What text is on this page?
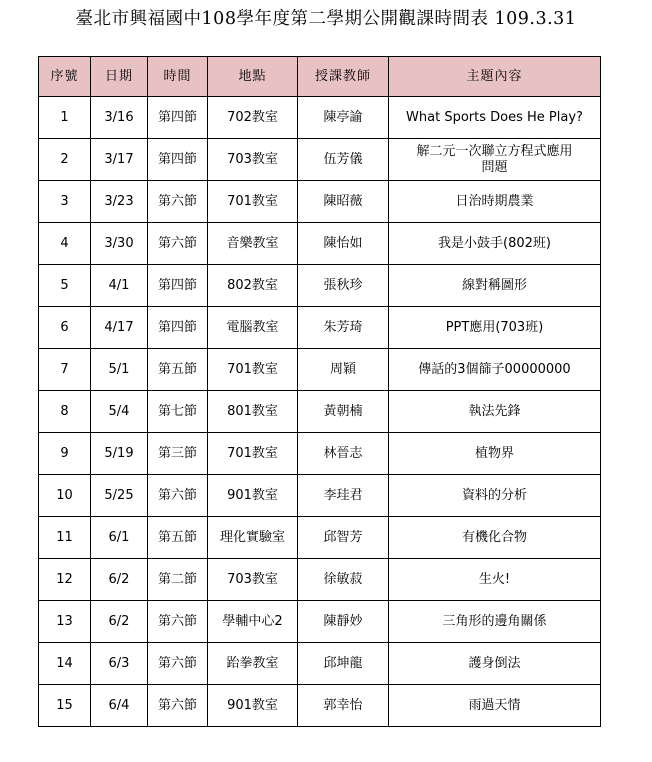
臺北市興福國中108學年度第二學期公開觀課時間表 109.3.31
序號	日期	時間	地點	授課教師	主題內容
1	3/16	第四節	702教室	陳亭諭	What Sports Does He Play?
2	3/17	第四節	703教室	伍芳儀	解二元一次聯立方程式應用問題
3	3/23	第六節	701教室	陳昭薇	日治時期農業
4	3/30	第六節	音樂教室	陳怡如	我是小鼓手(802班)
5	4/1	第四節	802教室	張秋珍	線對稱圖形
6	4/17	第四節	電腦教室	朱芳琦	PPT應用(703班)
7	5/1	第五節	701教室	周穎	傳話的3個篩子00000000
8	5/4	第七節	801教室	黃朝楠	執法先鋒
9	5/19	第三節	701教室	林晉志	植物界
10	5/25	第六節	901教室	李珪君	資料的分析
11	6/1	第五節	理化實驗室	邱智芳	有機化合物
12	6/2	第二節	703教室	徐敏菽	生火!
13	6/2	第六節	學輔中心2	陳靜妙	三角形的邊角關係
14	6/3	第六節	跆拳教室	邱坤龍	護身倒法
15	6/4	第六節	901教室	郭幸怡	雨過天情
